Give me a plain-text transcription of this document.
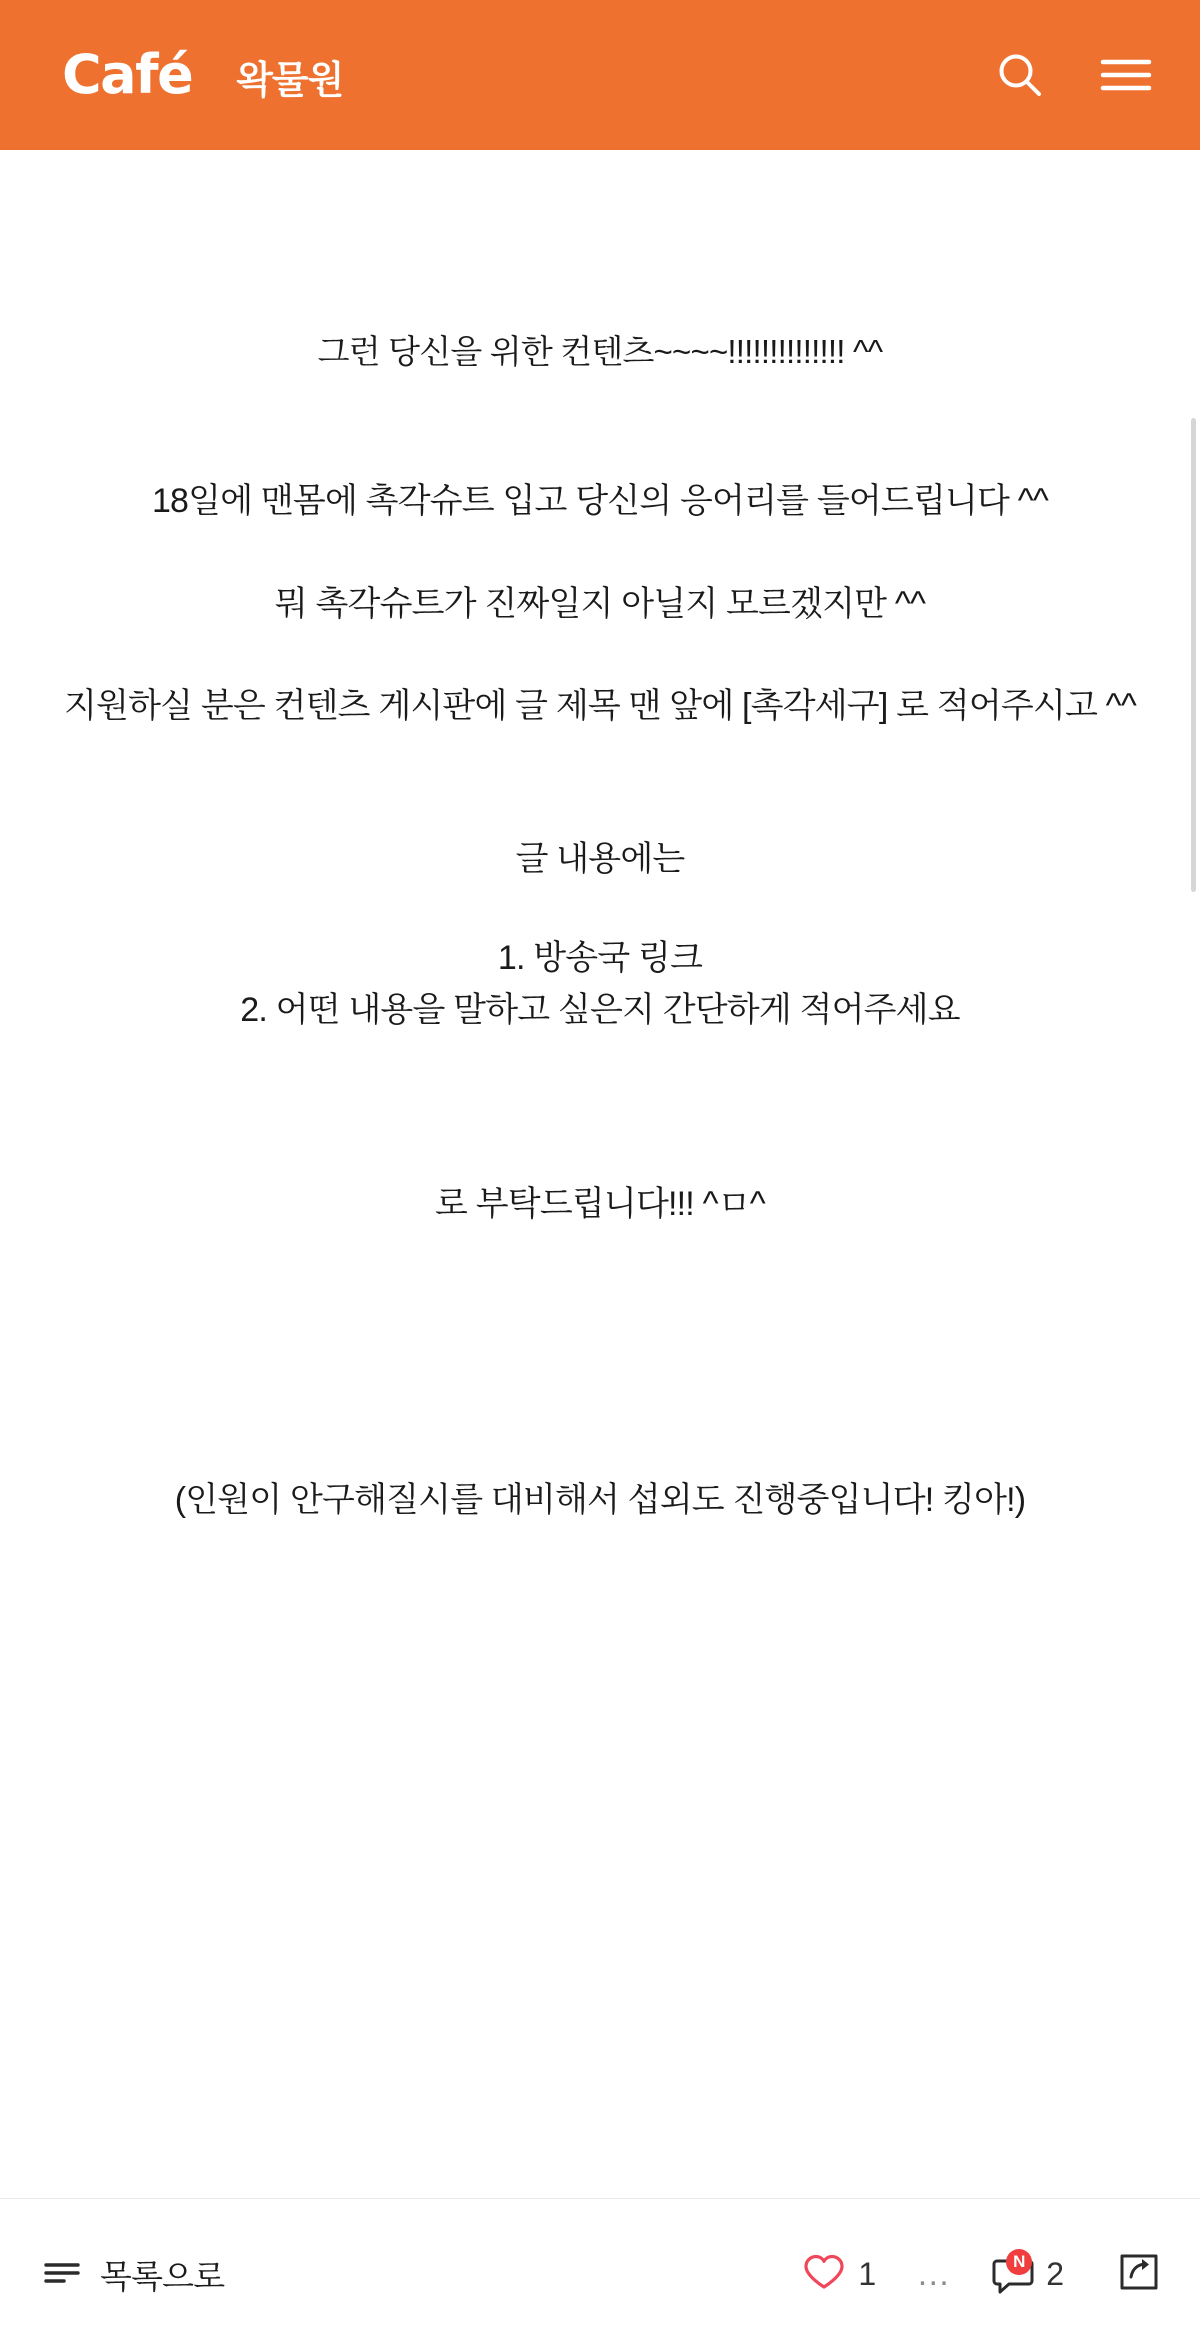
Café 왁물원
그런 당신을 위한 컨텐츠~~~~!!!!!!!!!!!!!! ^^
18일에 맨몸에 촉각슈트 입고 당신의 응어리를 들어드립니다 ^^
뭐 촉각슈트가 진짜일지 아닐지 모르겠지만 ^^
지원하실 분은 컨텐츠 게시판에 글 제목 맨 앞에 [촉각세구] 로 적어주시고 ^^
글 내용에는
1. 방송국 링크
2. 어떤 내용을 말하고 싶은지 간단하게 적어주세요
로 부탁드립니다!!! ^ㅁ^
(인원이 안구해질시를 대비해서 섭외도 진행중입니다! 킹아!)
목록으로	1 …	N 2
